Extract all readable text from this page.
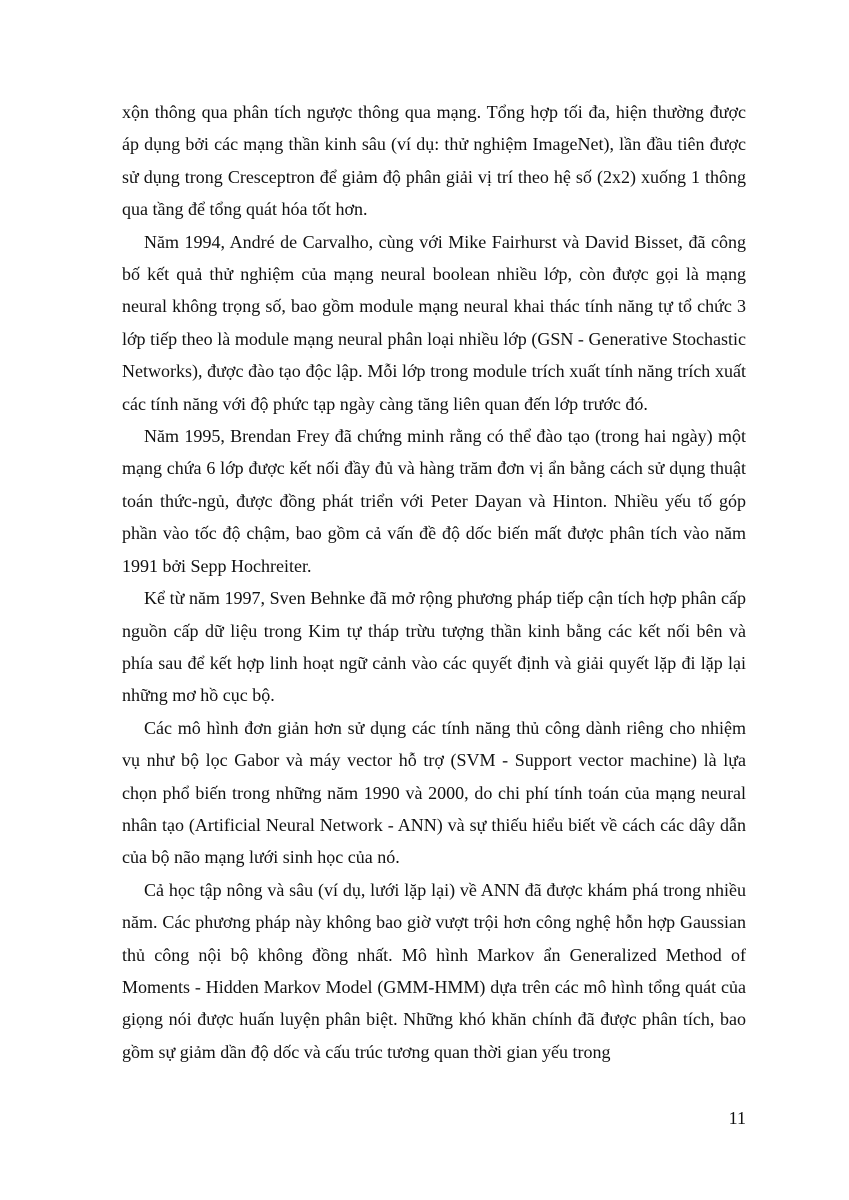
xộn thông qua phân tích ngược thông qua mạng. Tổng hợp tối đa, hiện thường được áp dụng bởi các mạng thần kinh sâu (ví dụ: thử nghiệm ImageNet), lần đầu tiên được sử dụng trong Cresceptron để giảm độ phân giải vị trí theo hệ số (2x2) xuống 1 thông qua tầng để tổng quát hóa tốt hơn.

Năm 1994, André de Carvalho, cùng với Mike Fairhurst và David Bisset, đã công bố kết quả thử nghiệm của mạng neural boolean nhiều lớp, còn được gọi là mạng neural không trọng số, bao gồm module mạng neural khai thác tính năng tự tổ chức 3 lớp tiếp theo là module mạng neural phân loại nhiều lớp (GSN - Generative Stochastic Networks), được đào tạo độc lập. Mỗi lớp trong module trích xuất tính năng trích xuất các tính năng với độ phức tạp ngày càng tăng liên quan đến lớp trước đó.

Năm 1995, Brendan Frey đã chứng minh rằng có thể đào tạo (trong hai ngày) một mạng chứa 6 lớp được kết nối đầy đủ và hàng trăm đơn vị ẩn bằng cách sử dụng thuật toán thức-ngủ, được đồng phát triển với Peter Dayan và Hinton. Nhiều yếu tố góp phần vào tốc độ chậm, bao gồm cả vấn đề độ dốc biến mất được phân tích vào năm 1991 bởi Sepp Hochreiter.

Kể từ năm 1997, Sven Behnke đã mở rộng phương pháp tiếp cận tích hợp phân cấp nguồn cấp dữ liệu trong Kim tự tháp trừu tượng thần kinh bằng các kết nối bên và phía sau để kết hợp linh hoạt ngữ cảnh vào các quyết định và giải quyết lặp đi lặp lại những mơ hồ cục bộ.

Các mô hình đơn giản hơn sử dụng các tính năng thủ công dành riêng cho nhiệm vụ như bộ lọc Gabor và máy vector hỗ trợ (SVM - Support vector machine) là lựa chọn phổ biến trong những năm 1990 và 2000, do chi phí tính toán của mạng neural nhân tạo (Artificial Neural Network - ANN) và sự thiếu hiểu biết về cách các dây dẫn của bộ não mạng lưới sinh học của nó.

Cả học tập nông và sâu (ví dụ, lưới lặp lại) về ANN đã được khám phá trong nhiều năm. Các phương pháp này không bao giờ vượt trội hơn công nghệ hỗn hợp Gaussian thủ công nội bộ không đồng nhất. Mô hình Markov ẩn Generalized Method of Moments - Hidden Markov Model (GMM-HMM) dựa trên các mô hình tổng quát của giọng nói được huấn luyện phân biệt. Những khó khăn chính đã được phân tích, bao gồm sự giảm dần độ dốc và cấu trúc tương quan thời gian yếu trong

11
